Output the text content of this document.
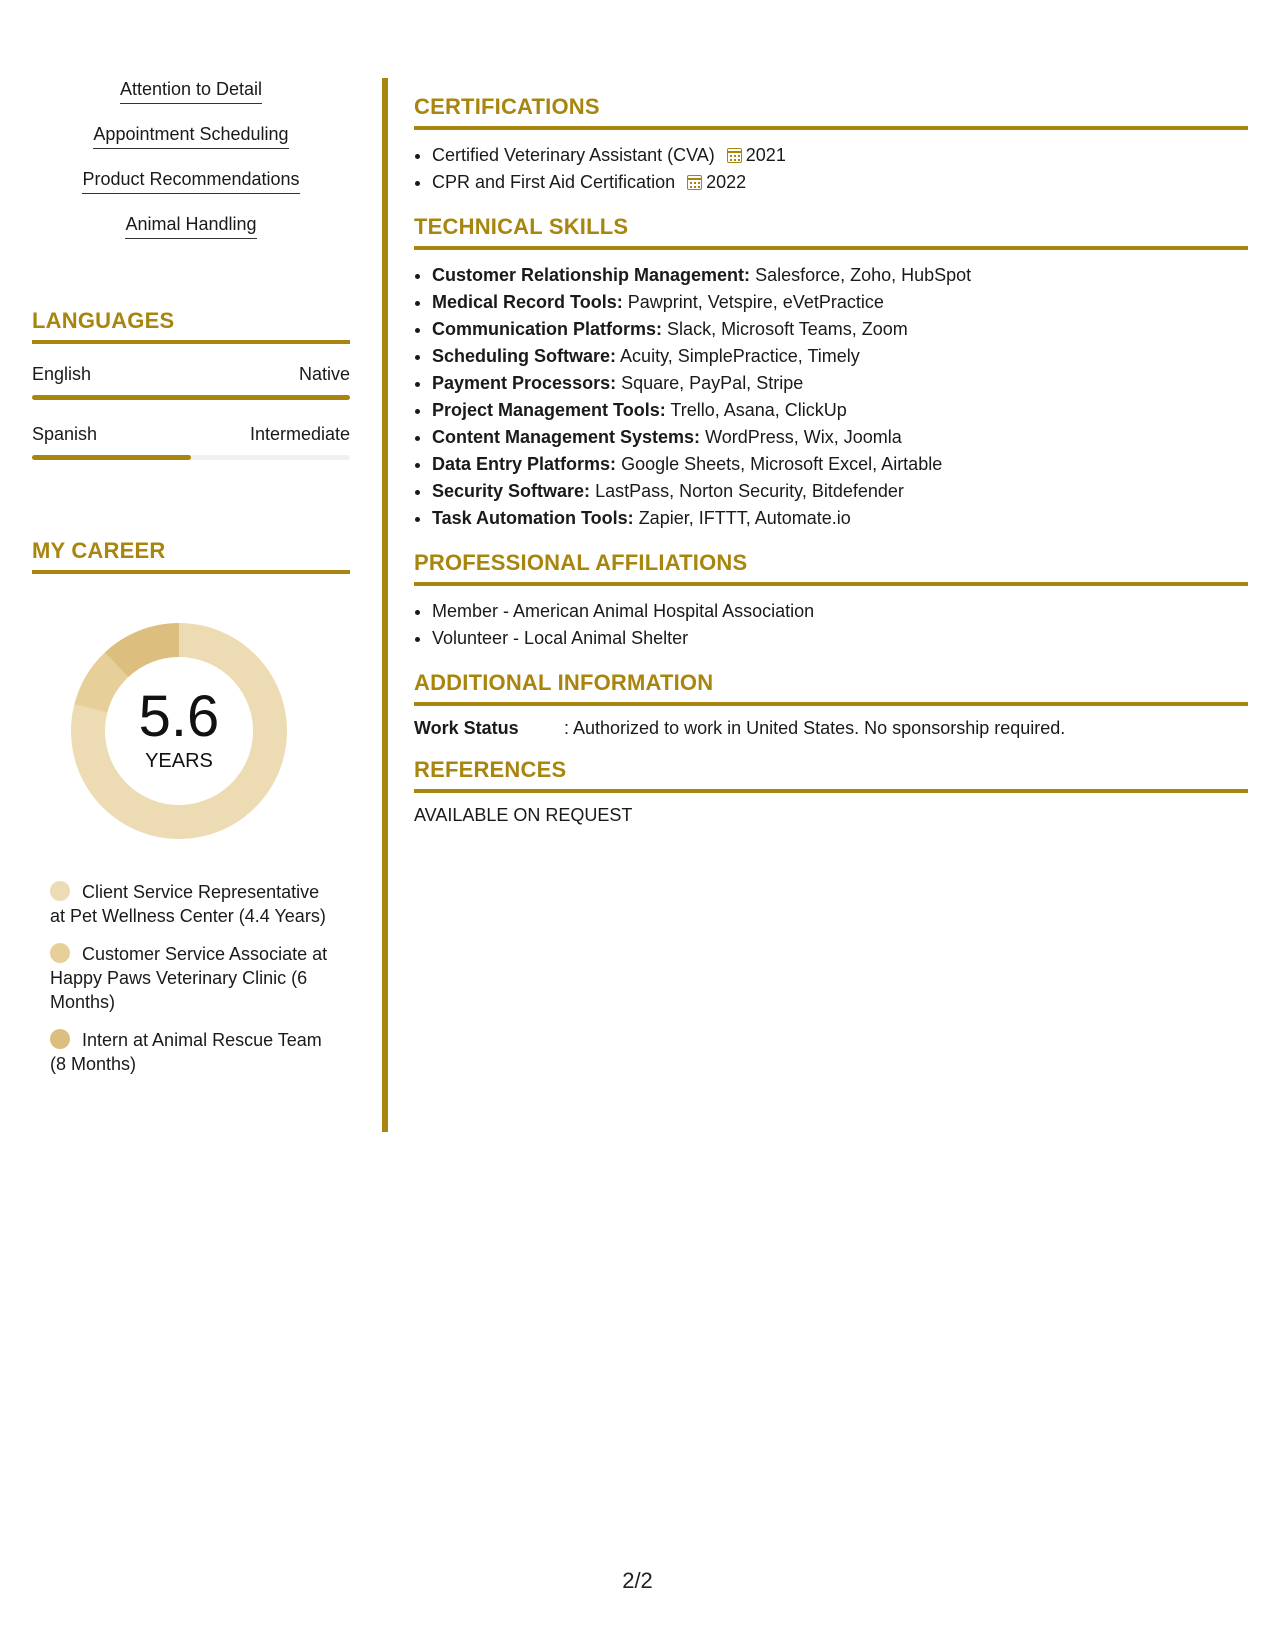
Attention to Detail
Appointment Scheduling
Product Recommendations
Animal Handling
LANGUAGES
English	Native
Spanish	Intermediate
MY CAREER
5.6
YEARS
Client Service Representative at Pet Wellness Center (4.4 Years)
Customer Service Associate at Happy Paws Veterinary Clinic (6 Months)
Intern at Animal Rescue Team (8 Months)
CERTIFICATIONS
• Certified Veterinary Assistant (CVA) 2021
• CPR and First Aid Certification 2022
TECHNICAL SKILLS
• Customer Relationship Management: Salesforce, Zoho, HubSpot
• Medical Record Tools: Pawprint, Vetspire, eVetPractice
• Communication Platforms: Slack, Microsoft Teams, Zoom
• Scheduling Software: Acuity, SimplePractice, Timely
• Payment Processors: Square, PayPal, Stripe
• Project Management Tools: Trello, Asana, ClickUp
• Content Management Systems: WordPress, Wix, Joomla
• Data Entry Platforms: Google Sheets, Microsoft Excel, Airtable
• Security Software: LastPass, Norton Security, Bitdefender
• Task Automation Tools: Zapier, IFTTT, Automate.io
PROFESSIONAL AFFILIATIONS
• Member - American Animal Hospital Association
• Volunteer - Local Animal Shelter
ADDITIONAL INFORMATION
Work Status	: Authorized to work in United States. No sponsorship required.
REFERENCES
AVAILABLE ON REQUEST
2/2
